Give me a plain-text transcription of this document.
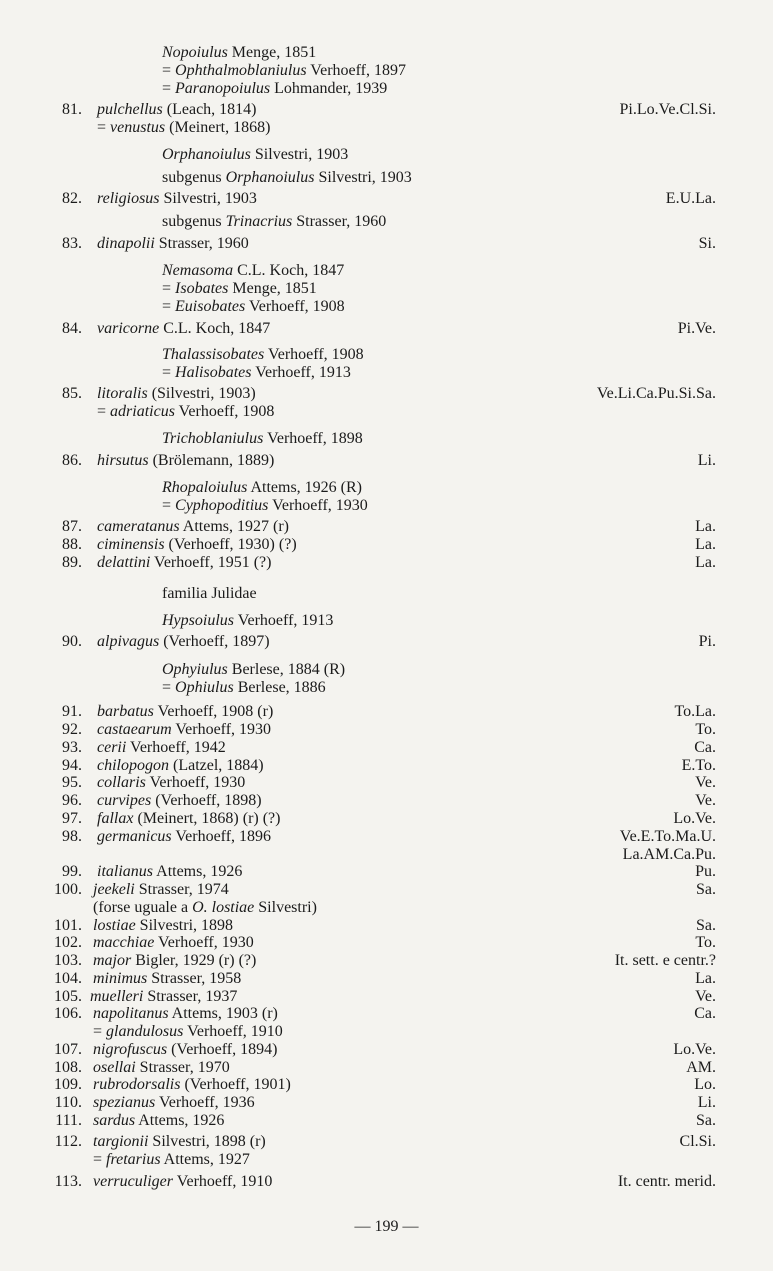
Nopoiulus Menge, 1851
= Ophthalmoblaniulus Verhoeff, 1897
= Paranopoiulus Lohmander, 1939
81. pulchellus (Leach, 1814)	Pi.Lo.Ve.Cl.Si.
= venustus (Meinert, 1868)
Orphanoiulus Silvestri, 1903
subgenus Orphanoiulus Silvestri, 1903
82. religiosus Silvestri, 1903	E.U.La.
subgenus Trinacrius Strasser, 1960
83. dinapolii Strasser, 1960	Si.
Nemasoma C.L. Koch, 1847
= Isobates Menge, 1851
= Euisobates Verhoeff, 1908
84. varicorne C.L. Koch, 1847	Pi.Ve.
Thalassisobates Verhoeff, 1908
= Halisobates Verhoeff, 1913
85. litoralis (Silvestri, 1903)	Ve.Li.Ca.Pu.Si.Sa.
= adriaticus Verhoeff, 1908
Trichoblaniulus Verhoeff, 1898
86. hirsutus (Brölemann, 1889)	Li.
Rhopaloiulus Attems, 1926 (R)
= Cyphopoditius Verhoeff, 1930
87. cameratanus Attems, 1927 (r)	La.
88. ciminensis (Verhoeff, 1930) (?)	La.
89. delattini Verhoeff, 1951 (?)	La.
familia Julidae
Hypsoiulus Verhoeff, 1913
90. alpivagus (Verhoeff, 1897)	Pi.
Ophyiulus Berlese, 1884 (R)
= Ophiulus Berlese, 1886
91. barbatus Verhoeff, 1908 (r)	To.La.
92. castaearum Verhoeff, 1930	To.
93. cerii Verhoeff, 1942	Ca.
94. chilopogon (Latzel, 1884)	E.To.
95. collaris Verhoeff, 1930	Ve.
96. curvipes (Verhoeff, 1898)	Ve.
97. fallax (Meinert, 1868) (r) (?)	Lo.Ve.
98. germanicus Verhoeff, 1896	Ve.E.To.Ma.U.
La.AM.Ca.Pu.
99. italianus Attems, 1926	Pu.
100. jeekeli Strasser, 1974	Sa.
(forse uguale a O. lostiae Silvestri)
101. lostiae Silvestri, 1898	Sa.
102. macchiae Verhoeff, 1930	To.
103. major Bigler, 1929 (r) (?)	It. sett. e centr.?
104. minimus Strasser, 1958	La.
105. muelleri Strasser, 1937	Ve.
106. napolitanus Attems, 1903 (r)	Ca.
= glandulosus Verhoeff, 1910
107. nigrofuscus (Verhoeff, 1894)	Lo.Ve.
108. osellai Strasser, 1970	AM.
109. rubrodorsalis (Verhoeff, 1901)	Lo.
110. spezianus Verhoeff, 1936	Li.
111. sardus Attems, 1926	Sa.
112. targionii Silvestri, 1898 (r)	Cl.Si.
= fretarius Attems, 1927
113. verruculiger Verhoeff, 1910	It. centr. merid.
— 199 —
